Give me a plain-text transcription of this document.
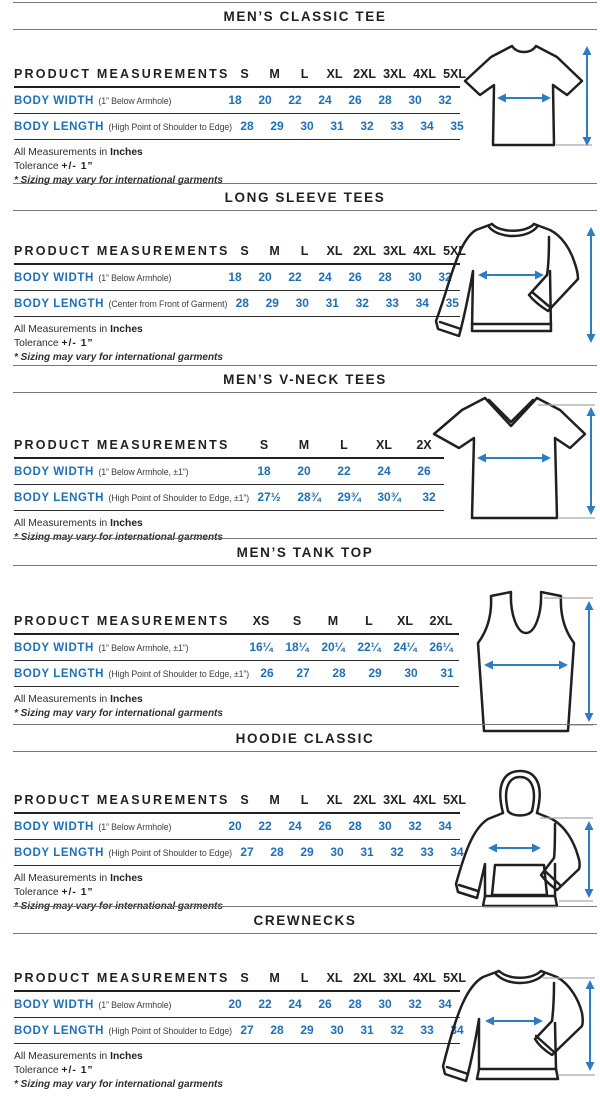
MEN’S CLASSIC TEE
PRODUCT MEASUREMENTS S	M	L	XL 2XL 3XL 4XL 5XL
BODY WIDTH (1” Below Armhole)	18	20	22	24	26	28	30	32
BODY LENGTH (High Point of Shoulder to Edge) 28	29	30	31	32	33	34	35

All Measurements in Inches

Tolerance +/- 1”

* Sizing may vary for international garments

LONG SLEEVE TEES
PRODUCT MEASUREMENTS S	M	L	XL 2XL 3XL 4XL 5XL
BODY WIDTH (1” Below Armhole)	18	20	22	24	26	28	30	32
BODY LENGTH (Center from Front of Garment) 28	29	30	31	32	33	34	35

All Measurements in Inches

Tolerance +/- 1”

* Sizing may vary for international garments

MEN’S V-NECK TEES
PRODUCT MEASUREMENTS	S	M	L	XL	2X
BODY WIDTH (1” Below Armhole, ±1”)	18	20	22	24	26
BODY LENGTH (High Point of Shoulder to Edge, ±1”) 27½	28¾	29¾	30¾	32

All Measurements in Inches

* Sizing may vary for international garments

MEN’S TANK TOP
PRODUCT MEASUREMENTS	XS	S	M	L	XL	2XL
BODY WIDTH (1” Below Armhole, ±1”)	16¼	18¼	20¼	22¼	24¼	26¼
BODY LENGTH (High Point of Shoulder to Edge, ±1”) 26	27	28	29	30	31

All Measurements in Inches

* Sizing may vary for international garments

HOODIE CLASSIC
PRODUCT MEASUREMENTS S	M	L	XL 2XL 3XL 4XL 5XL
BODY WIDTH (1” Below Armhole)	20	22	24	26	28	30	32	34
BODY LENGTH (High Point of Shoulder to Edge) 27	28	29	30	31	32	33	34

All Measurements in Inches

Tolerance +/- 1”

* Sizing may vary for international garments

CREWNECKS
PRODUCT MEASUREMENTS S	M	L	XL 2XL 3XL 4XL 5XL
BODY WIDTH (1” Below Armhole)	20	22	24	26	28	30	32	34
BODY LENGTH (High Point of Shoulder to Edge) 27	28	29	30	31	32	33	34

All Measurements in Inches

Tolerance +/- 1”

* Sizing may vary for international garments
